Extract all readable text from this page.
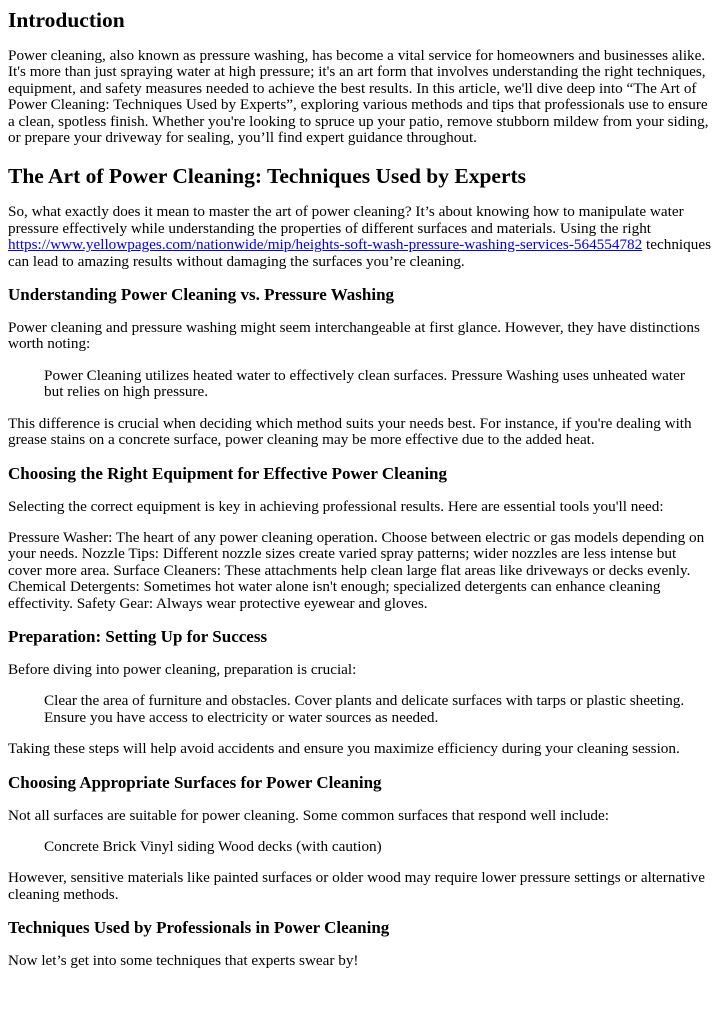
Introduction

Power cleaning, also known as pressure washing, has become a vital service for homeowners and businesses alike. It's more than just spraying water at high pressure; it's an art form that involves understanding the right techniques, equipment, and safety measures needed to achieve the best results. In this article, we'll dive deep into “The Art of Power Cleaning: Techniques Used by Experts”, exploring various methods and tips that professionals use to ensure a clean, spotless finish. Whether you're looking to spruce up your patio, remove stubborn mildew from your siding, or prepare your driveway for sealing, you’ll find expert guidance throughout.

The Art of Power Cleaning: Techniques Used by Experts

So, what exactly does it mean to master the art of power cleaning? It’s about knowing how to manipulate water pressure effectively while understanding the properties of different surfaces and materials. Using the right https://www.yellowpages.com/nationwide/mip/heights-soft-wash-pressure-washing-services-564554782 techniques can lead to amazing results without damaging the surfaces you’re cleaning.

Understanding Power Cleaning vs. Pressure Washing

Power cleaning and pressure washing might seem interchangeable at first glance. However, they have distinctions worth noting:

Power Cleaning utilizes heated water to effectively clean surfaces. Pressure Washing uses unheated water but relies on high pressure.

This difference is crucial when deciding which method suits your needs best. For instance, if you're dealing with grease stains on a concrete surface, power cleaning may be more effective due to the added heat.

Choosing the Right Equipment for Effective Power Cleaning

Selecting the correct equipment is key in achieving professional results. Here are essential tools you'll need:

Pressure Washer: The heart of any power cleaning operation. Choose between electric or gas models depending on your needs. Nozzle Tips: Different nozzle sizes create varied spray patterns; wider nozzles are less intense but cover more area. Surface Cleaners: These attachments help clean large flat areas like driveways or decks evenly. Chemical Detergents: Sometimes hot water alone isn't enough; specialized detergents can enhance cleaning effectivity. Safety Gear: Always wear protective eyewear and gloves.

Preparation: Setting Up for Success

Before diving into power cleaning, preparation is crucial:

Clear the area of furniture and obstacles. Cover plants and delicate surfaces with tarps or plastic sheeting. Ensure you have access to electricity or water sources as needed.

Taking these steps will help avoid accidents and ensure you maximize efficiency during your cleaning session.

Choosing Appropriate Surfaces for Power Cleaning

Not all surfaces are suitable for power cleaning. Some common surfaces that respond well include:

Concrete Brick Vinyl siding Wood decks (with caution)

However, sensitive materials like painted surfaces or older wood may require lower pressure settings or alternative cleaning methods.

Techniques Used by Professionals in Power Cleaning

Now let’s get into some techniques that experts swear by!
